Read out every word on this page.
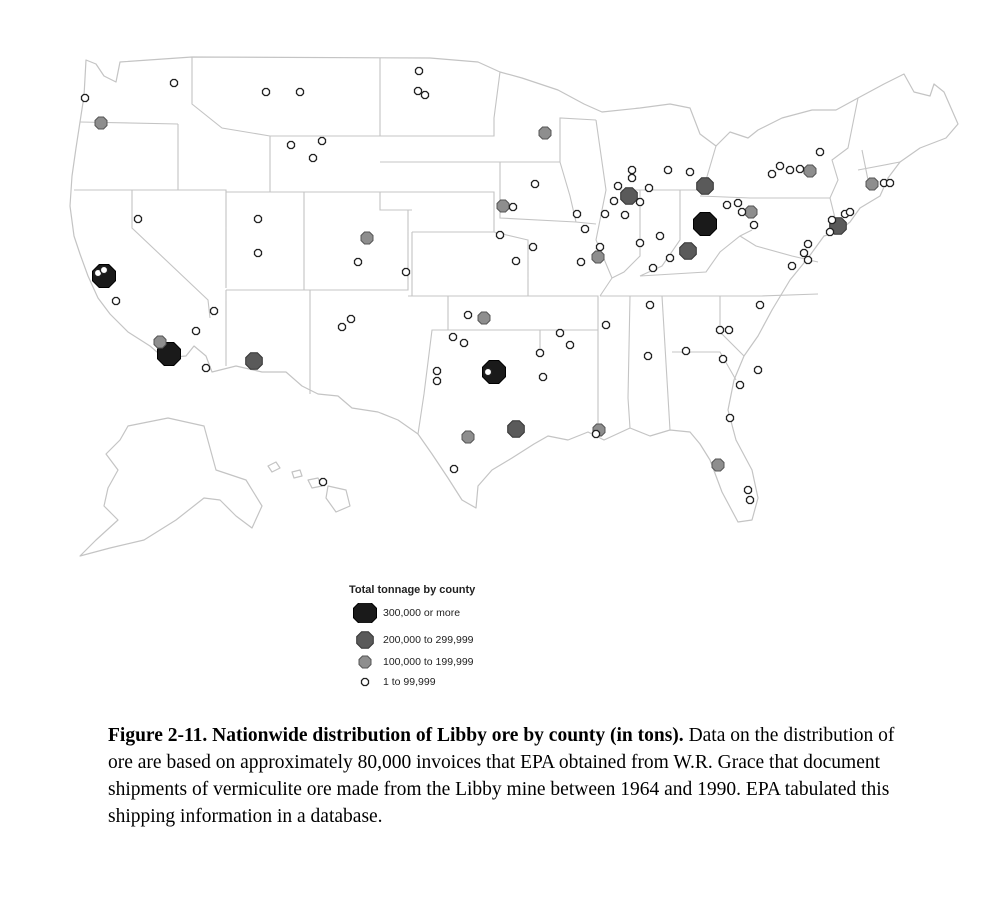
Total tonnage by county
300,000 or more
200,000 to 299,999
100,000 to 199,999
1 to 99,999
Figure 2-11. Nationwide distribution of Libby ore by county (in tons). Data on the distribution of ore are based on approximately 80,000 invoices that EPA obtained from W.R. Grace that document shipments of vermiculite ore made from the Libby mine between 1964 and 1990. EPA tabulated this shipping information in a database.
